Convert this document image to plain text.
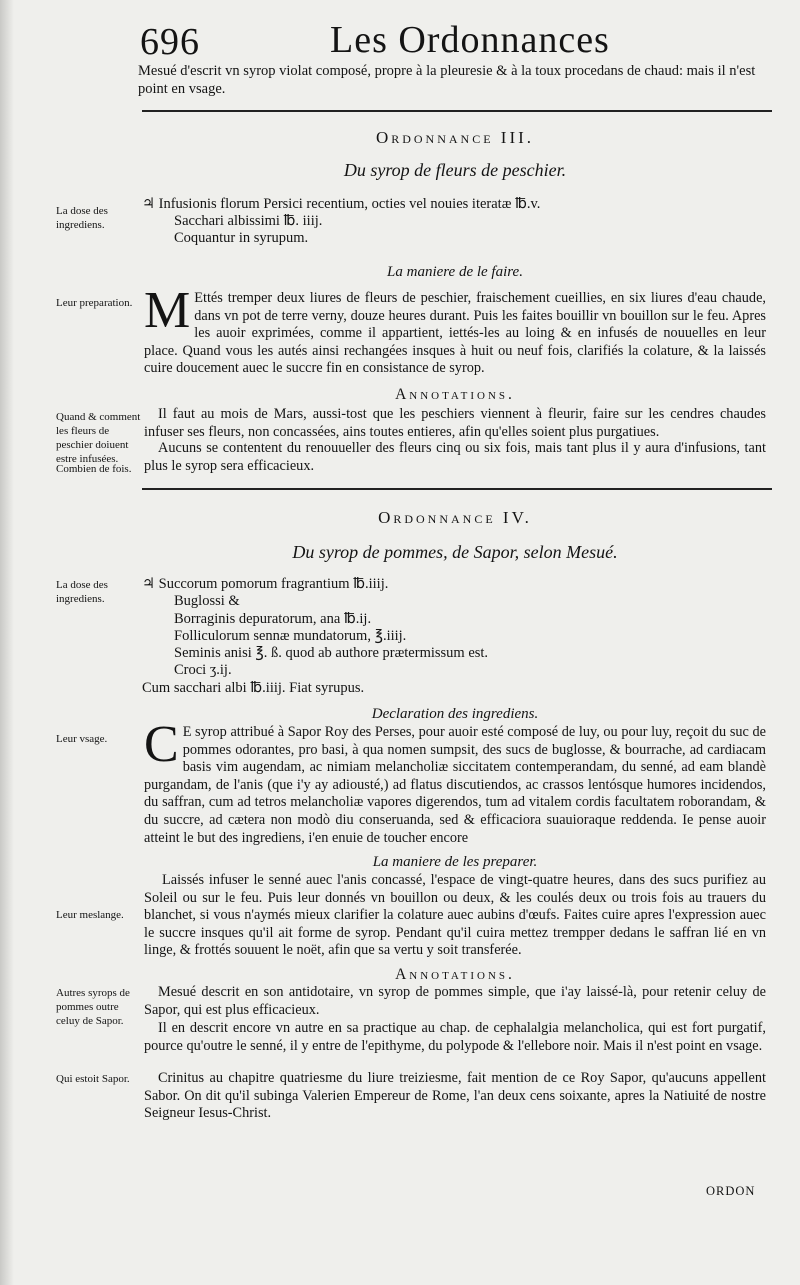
696	Les Ordonnances
Mesué d'escrit vn syrop violat composé, propre à la pleuresie & à la toux procedans de chaud: mais il n'est point en vsage.
Ordonnance III.
Du syrop de fleurs de peschier.
La dose des ingrediens.
♃ Infusionis florum Persici recentium, octies vel nouies iteratæ ℔.v.
Sacchari albissimi ℔. iiij.
Coquantur in syrupum.
La maniere de le faire.
Leur preparation. M Ettés tremper deux liures de fleurs de peschier, fraischement cueillies, en six liures d'eau chaude, dans vn pot de terre verny, douze heures durant. Puis les faites bouillir vn bouillon sur le feu. Apres les auoir exprimées, comme il appartient, iettés-les au loing & en infusés de nouuelles en leur place. Quand vous les autés ainsi rechangées insques à huit ou neuf fois, clarifiés la colature, & la laissés cuire doucement auec le succre fin en consistance de syrop.
Annotations.
Quand & comment les fleurs de peschier doiuent estre infusées.
Combien de fois.
Il faut au mois de Mars, aussi-tost que les peschiers viennent à fleurir, faire sur les cendres chaudes infuser ses fleurs, non concassées, ains toutes entieres, afin qu'elles soient plus purgatiues.
Aucuns se contentent du renouueller des fleurs cinq ou six fois, mais tant plus il y aura d'infusions, tant plus le syrop sera efficacieux.
Ordonnance IV.
Du syrop de pommes, de Sapor, selon Mesué.
La dose des ingrediens.
♃ Succorum pomorum fragrantium ℔.iiij.
Buglossi &
Borraginis depuratorum, ana ℔.ij.
Folliculorum sennæ mundatorum, ℥.iiij.
Seminis anisi ℥. ß. quod ab authore prætermissum est.
Croci ʒ.ij.
Cum sacchari albi ℔.iiij. Fiat syrupus.
Declaration des ingrediens.
Leur vsage. C E syrop attribué à Sapor Roy des Perses, pour auoir esté composé de luy, ou pour luy, reçoit du suc de pommes odorantes, pro basi, à qua nomen sumpsit, des sucs de buglosse, & bourrache, ad cardiacam basis vim augendam, ac nimiam melancholiæ siccitatem contemperandam, du senné, ad eam blandè purgandam, de l'anis (que i'y ay adiousté,) ad flatus discutiendos, ac crassos lentósque humores incidendos, du saffran, cum ad tetros melancholiæ vapores digerendos, tum ad vitalem cordis facultatem roborandam, & du succre, ad cætera non modò diu conseruanda, sed & efficaciora suauioraque reddenda. Ie pense auoir atteint le but des ingrediens, i'en enuie de toucher encore
La maniere de les preparer.
Leur meslange.
Laissés infuser le senné auec l'anis concassé, l'espace de vingt-quatre heures, dans des sucs purifiez au Soleil ou sur le feu. Puis leur donnés vn bouillon ou deux, & les coulés deux ou trois fois au trauers du blanchet, si vous n'aymés mieux clarifier la colature auec aubins d'œufs. Faites cuire apres l'expression auec le succre insques qu'il ait forme de syrop. Pendant qu'il cuira mettez trempper dedans le saffran lié en vn linge, & frottés souuent le noët, afin que sa vertu y soit transferée.
Annotations.
Autres syrops de pommes outre celuy de Sapor.
Mesué descrit en son antidotaire, vn syrop de pommes simple, que i'ay laissé-là, pour retenir celuy de Sapor, qui est plus efficacieux.
Il en descrit encore vn autre en sa practique au chap. de cephalalgia melancholica, qui est fort purgatif, pource qu'outre le senné, il y entre de l'epithyme, du polypode & l'ellebore noir. Mais il n'est point en vsage.
Qui estoit Sapor.	Crinitus au chapitre quatriesme du liure treiziesme, fait mention de ce Roy Sapor, qu'aucuns appellent Sabor. On dit qu'il subinga Valerien Empereur de Rome, l'an deux cens soixante, apres la Natiuité de nostre Seigneur Iesus-Christ.
ORDON
